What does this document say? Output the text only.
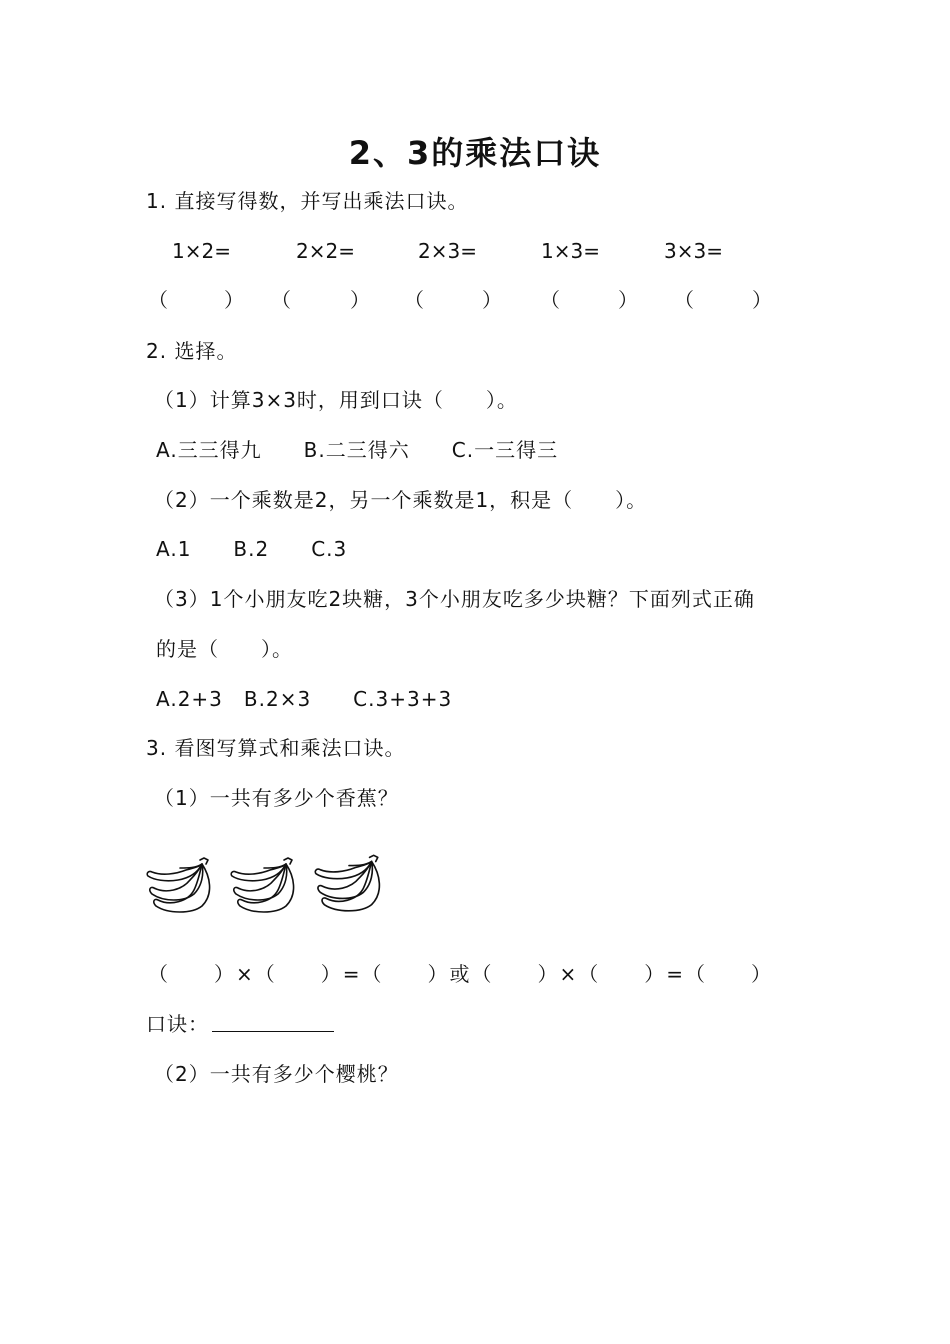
2、3的乘法口诀
1. 直接写得数，并写出乘法口诀。
1×2=	2×2=	2×3=	1×3=	3×3=
（	） （	） （	） （	） （	）
2. 选择。
（1）计算3×3时，用到口诀（　　）。
A.三三得九　　B.二三得六　　C.一三得三
（2）一个乘数是2，另一个乘数是1，积是（　　）。
A.1　　B.2　　C.3
（3）1个小朋友吃2块糖，3个小朋友吃多少块糖？下面列式正确
的是（　　）。
A.2+3　B.2×3　　C.3+3+3
3. 看图写算式和乘法口诀。
（1）一共有多少个香蕉？
（　　）×（　　）=（　　）或（　　）×（　　）=（　　）
口诀：
（2）一共有多少个樱桃？
